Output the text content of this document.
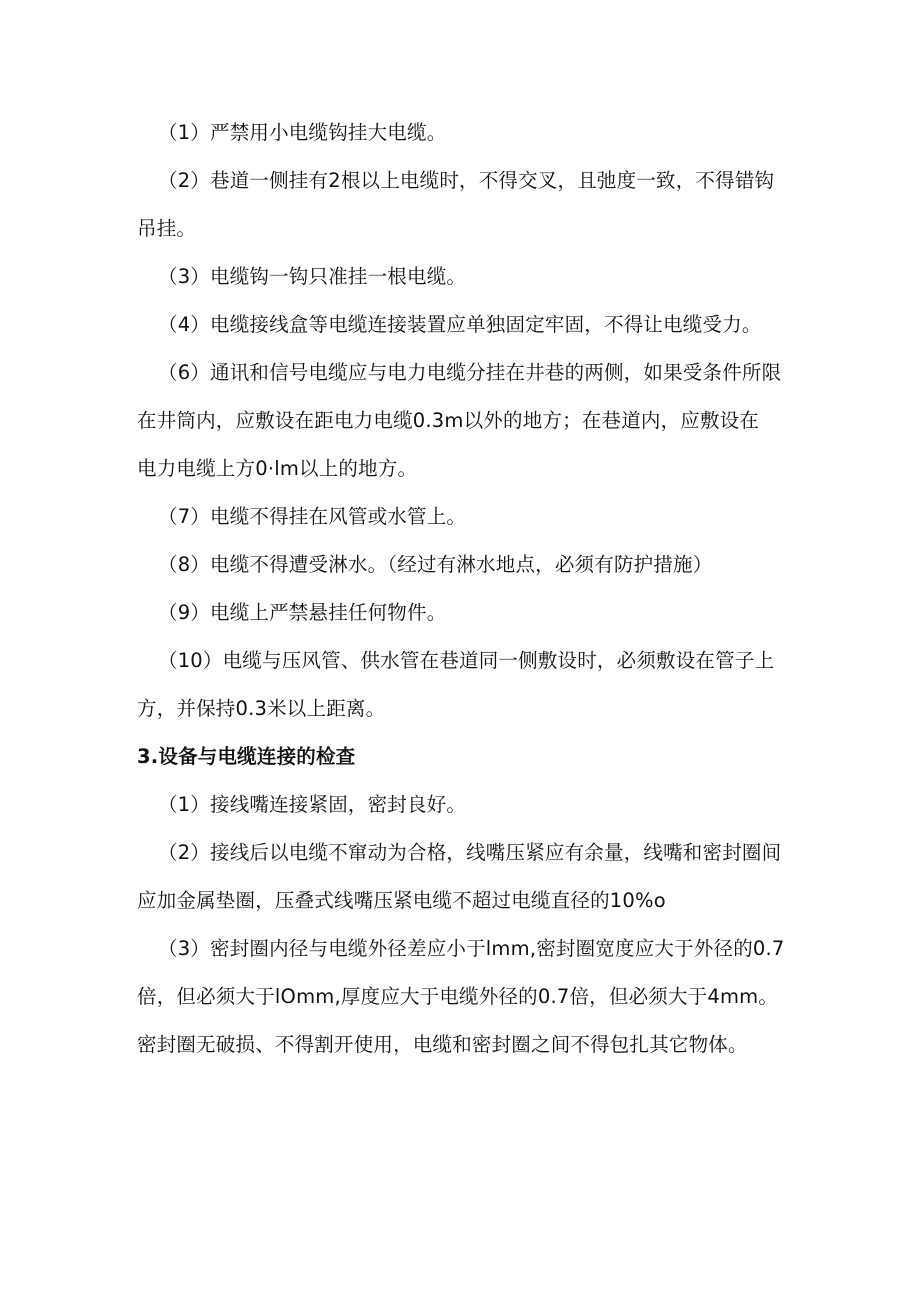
（1）严禁用小电缆钩挂大电缆。
（2）巷道一侧挂有2根以上电缆时，不得交叉，且弛度一致，不得错钩
吊挂。
（3）电缆钩一钩只准挂一根电缆。
（4）电缆接线盒等电缆连接装置应单独固定牢固，不得让电缆受力。
（6）通讯和信号电缆应与电力电缆分挂在井巷的两侧，如果受条件所限
在井筒内，应敷设在距电力电缆0.3m以外的地方；在巷道内，应敷设在
电力电缆上方0·lm以上的地方。
（7）电缆不得挂在风管或水管上。
（8）电缆不得遭受淋水。（经过有淋水地点，必须有防护措施）
（9）电缆上严禁悬挂任何物件。
（10）电缆与压风管、供水管在巷道同一侧敷设时，必须敷设在管子上
方，并保持0.3米以上距离。
3.设备与电缆连接的检查
（1）接线嘴连接紧固，密封良好。
（2）接线后以电缆不窜动为合格，线嘴压紧应有余量，线嘴和密封圈间
应加金属垫圈，压叠式线嘴压紧电缆不超过电缆直径的10%o
（3）密封圈内径与电缆外径差应小于lmm,密封圈宽度应大于外径的0.7
倍，但必须大于lOmm,厚度应大于电缆外径的0.7倍，但必须大于4mm。
密封圈无破损、不得割开使用，电缆和密封圈之间不得包扎其它物体。
